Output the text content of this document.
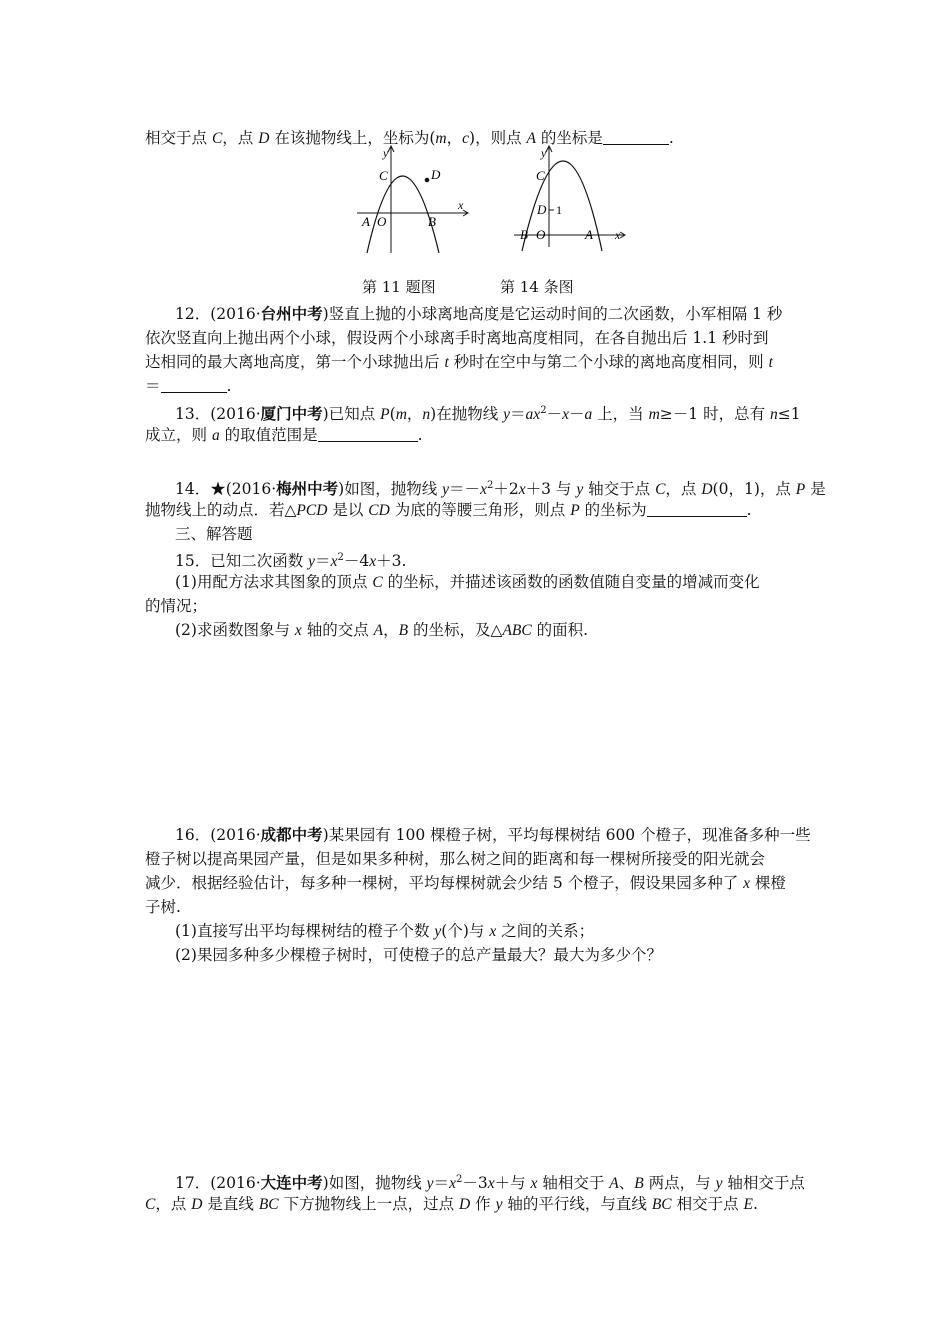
相交于点 C，点 D 在该抛物线上，坐标为(m，c)，则点 A 的坐标是	.
y
x
C	D
A O	B
y
x
C
D 1
B O	A
第 11 题图	第 14 条图
12．(2016·台州中考)竖直上抛的小球离地高度是它运动时间的二次函数，小军相隔 1 秒
依次竖直向上抛出两个小球，假设两个小球离手时离地高度相同，在各自抛出后 1.1 秒时到
达相同的最大离地高度，第一个小球抛出后 t 秒时在空中与第二个小球的离地高度相同，则 t
＝	.
13．(2016·厦门中考)已知点 P(m，n)在抛物线 $y=ax^2-x-a$ 上，当 m≥－1 时，总有 n≤1
成立，则 a 的取值范围是	.
14．★(2016·梅州中考)如图，抛物线 $y=-x^2+2x+3$ 与 y 轴交于点 C，点 D(0，1)，点 P 是
抛物线上的动点．若△PCD 是以 CD 为底的等腰三角形，则点 P 的坐标为	.
三、解答题
15．已知二次函数 $y=x^2-4x+3$.
(1)用配方法求其图象的顶点 C 的坐标，并描述该函数的函数值随自变量的增减而变化
的情况；
(2)求函数图象与 x 轴的交点 A，B 的坐标，及△ABC 的面积.
16．(2016·成都中考)某果园有 100 棵橙子树，平均每棵树结 600 个橙子，现准备多种一些
橙子树以提高果园产量，但是如果多种树，那么树之间的距离和每一棵树所接受的阳光就会
减少．根据经验估计，每多种一棵树，平均每棵树就会少结 5 个橙子，假设果园多种了 x 棵橙
子树.
(1)直接写出平均每棵树结的橙子个数 y(个)与 x 之间的关系；
(2)果园多种多少棵橙子树时，可使橙子的总产量最大？最大为多少个？
17．(2016·大连中考)如图，抛物线 $y=x^2-3x+$与 x 轴相交于 A、B 两点，与 y 轴相交于点
C，点 D 是直线 BC 下方抛物线上一点，过点 D 作 y 轴的平行线，与直线 BC 相交于点 E.
